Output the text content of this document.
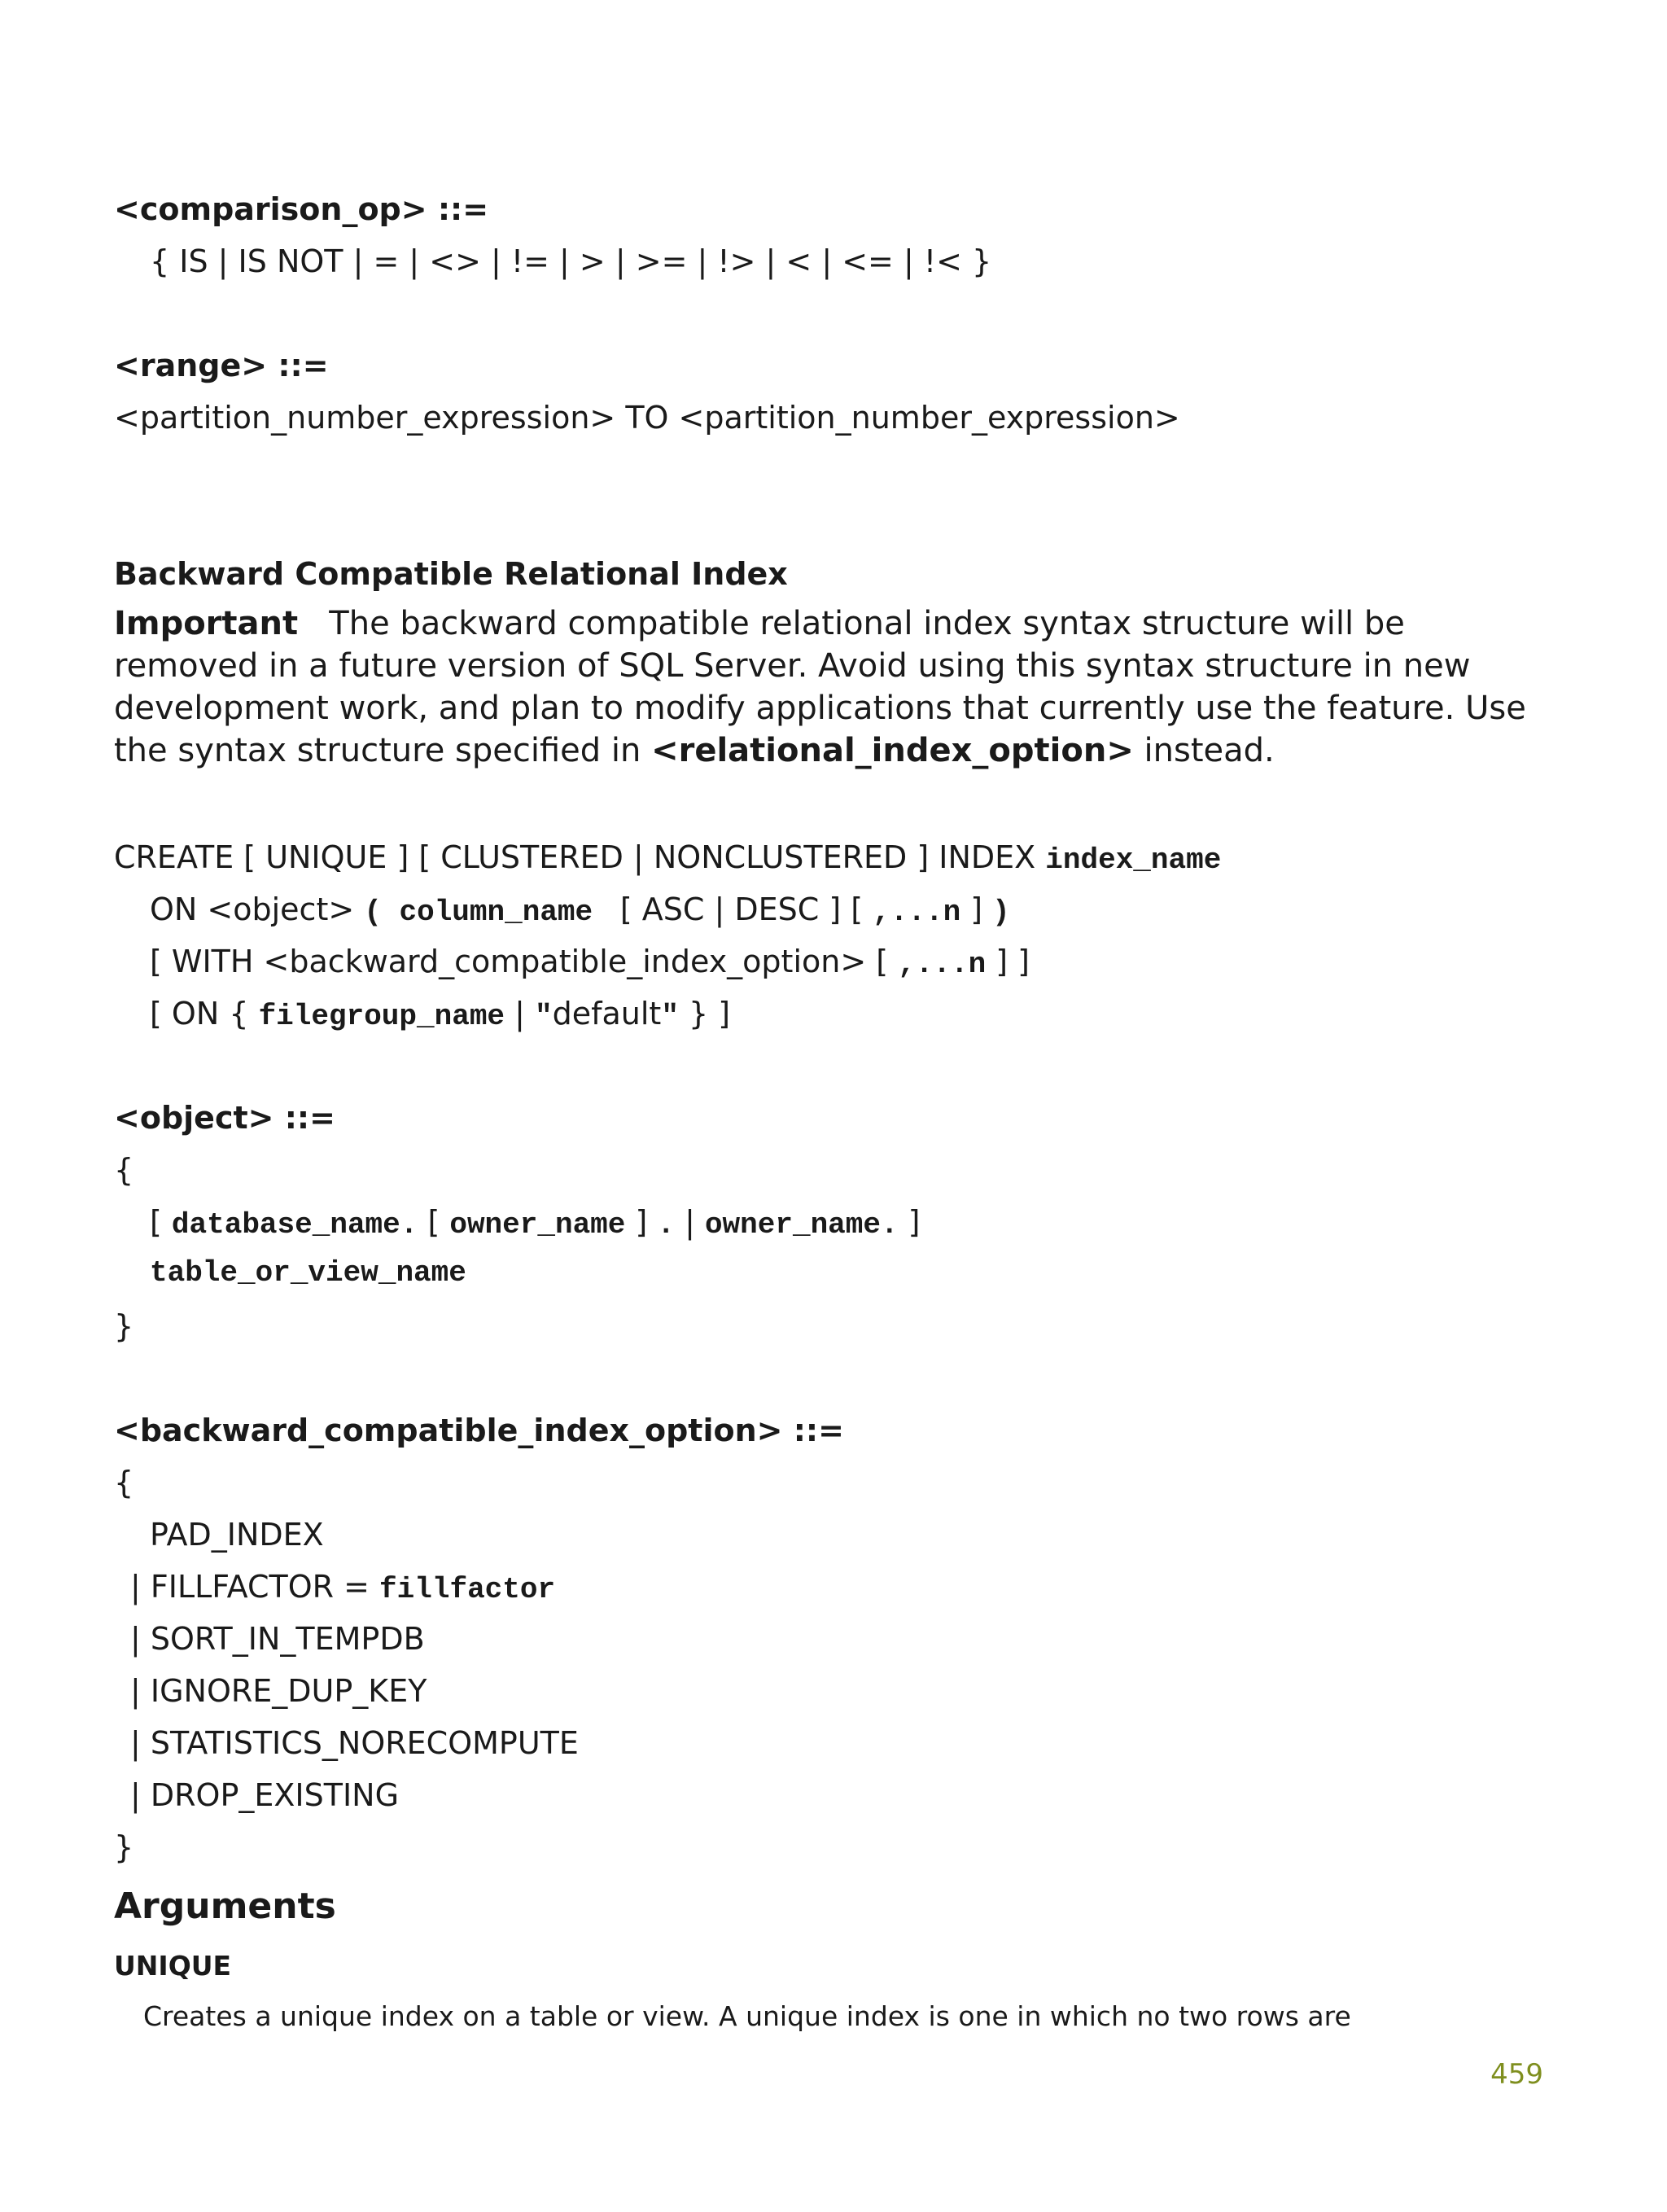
<comparison_op> ::=
{ IS | IS NOT | = | <> | != | > | >= | !> | < | <= | !< }
<range> ::=
<partition_number_expression> TO <partition_number_expression>
Backward Compatible Relational Index
Important The backward compatible relational index syntax structure will be removed in a future version of SQL Server. Avoid using this syntax structure in new development work, and plan to modify applications that currently use the feature. Use the syntax structure specified in <relational_index_option> instead.
CREATE [ UNIQUE ] [ CLUSTERED | NONCLUSTERED ] INDEX index_name
ON <object> ( column_name  [ ASC | DESC ] [ ,...n ] )
[ WITH <backward_compatible_index_option> [ ,...n ] ]
[ ON { filegroup_name | "default" } ]
<object> ::=
{
[ database_name. [ owner_name ] . | owner_name. ]
table_or_view_name
}
<backward_compatible_index_option> ::=
{
PAD_INDEX
| FILLFACTOR = fillfactor
| SORT_IN_TEMPDB
| IGNORE_DUP_KEY
| STATISTICS_NORECOMPUTE
| DROP_EXISTING
}
Arguments
UNIQUE
Creates a unique index on a table or view. A unique index is one in which no two rows are
459
